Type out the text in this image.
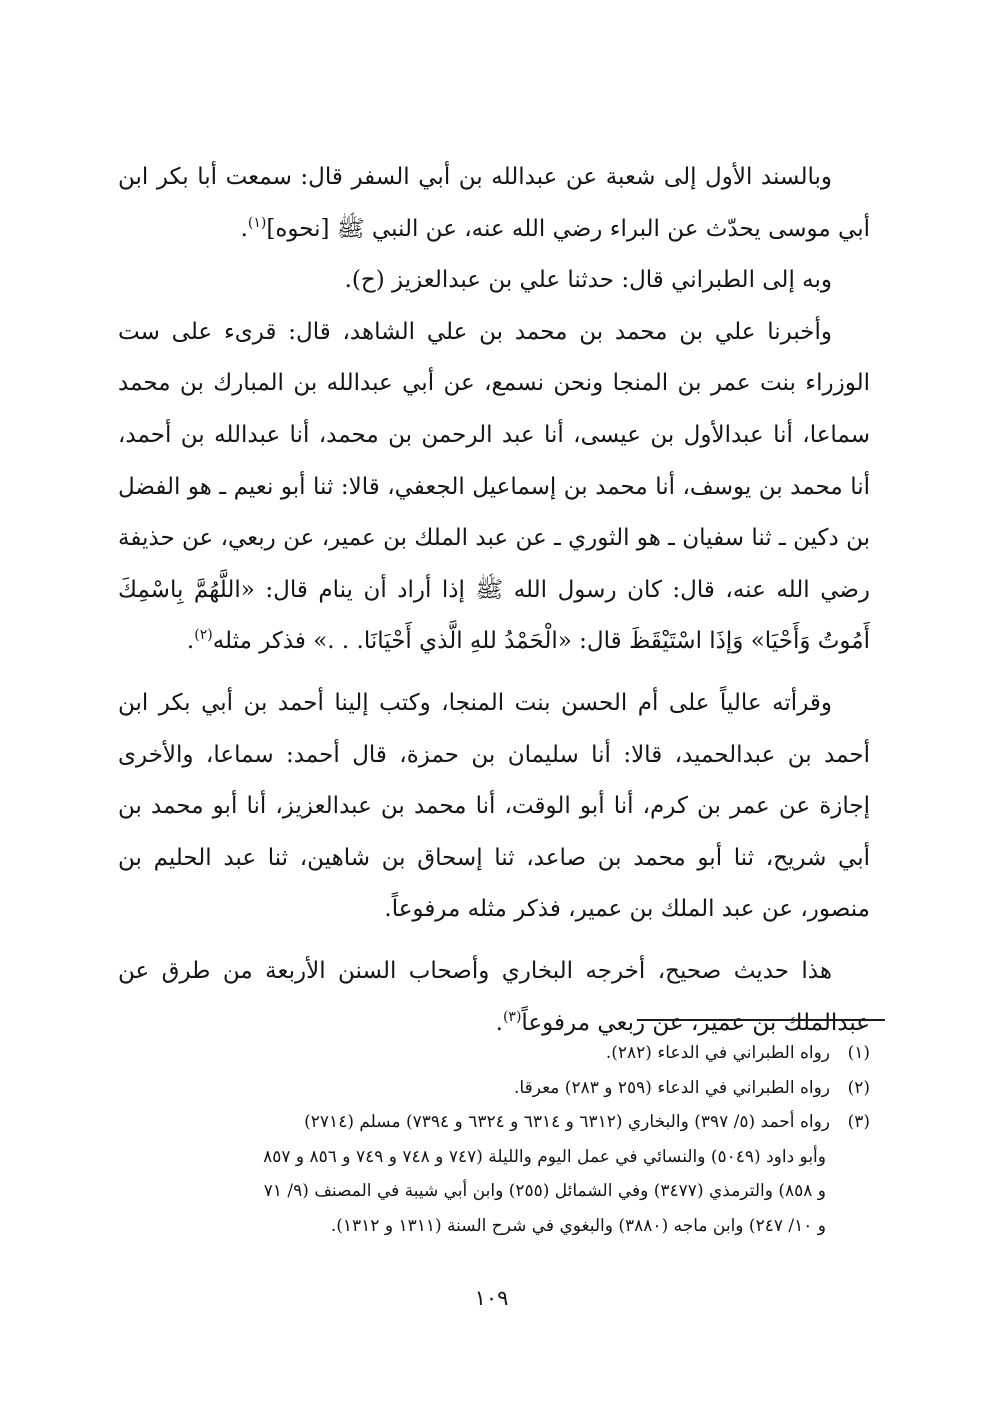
وبالسند الأول إلى شعبة عن عبدالله بن أبي السفر قال: سمعت أبا بكر ابن أبي موسى يحدّث عن البراء رضي الله عنه، عن النبي ﷺ [نحوه]$^{(١)}$.

وبه إلى الطبراني قال: حدثنا علي بن عبدالعزيز (ح).

وأخبرنا علي بن محمد بن محمد بن علي الشاهد، قال: قرىء على ست الوزراء بنت عمر بن المنجا ونحن نسمع، عن أبي عبدالله بن المبارك بن محمد سماعا، أنا عبدالأول بن عيسى، أنا عبد الرحمن بن محمد، أنا عبدالله بن أحمد، أنا محمد بن يوسف، أنا محمد بن إسماعيل الجعفي، قالا: ثنا أبو نعيم ـ هو الفضل بن دكين ـ ثنا سفيان ـ هو الثوري ـ عن عبد الملك بن عمير، عن ربعي، عن حذيفة رضي الله عنه، قال: كان رسول الله ﷺ إذا أراد أن ينام قال: «اللَّهُمَّ بِاسْمِكَ أَمُوتُ وَأَحْيَا» وَإذَا اسْتَيْقَظَ قال: «الْحَمْدُ للهِ الَّذي أَحْيَانَا. . .» فذكر مثله$^{(٢)}$.

وقرأته عالياً على أم الحسن بنت المنجا، وكتب إلينا أحمد بن أبي بكر ابن أحمد بن عبدالحميد، قالا: أنا سليمان بن حمزة، قال أحمد: سماعا، والأخرى إجازة عن عمر بن كرم، أنا أبو الوقت، أنا محمد بن عبدالعزيز، أنا أبو محمد بن أبي شريح، ثنا أبو محمد بن صاعد، ثنا إسحاق بن شاهين، ثنا عبد الحليم بن منصور، عن عبد الملك بن عمير، فذكر مثله مرفوعاً.

هذا حديث صحيح، أخرجه البخاري وأصحاب السنن الأربعة من طرق عن عبدالملك بن عمير، عن ربعي مرفوعاً$^{(٣)}$.

(١)رواه الطبراني في الدعاء (٢٨٢).

(٢)رواه الطبراني في الدعاء (٢٥٩ و ٢٨٣) معرقا.

(٣)رواه أحمد (٥/ ٣٩٧) والبخاري (٦٣١٢ و ٦٣١٤ و ٦٣٢٤ و ٧٣٩٤) مسلم (٢٧١٤)

وأبو داود (٥٠٤٩) والنسائي في عمل اليوم والليلة (٧٤٧ و ٧٤٨ و ٧٤٩ و ٨٥٦ و ٨٥٧

و ٨٥٨) والترمذي (٣٤٧٧) وفي الشمائل (٢٥٥) وابن أبي شيبة في المصنف (٩/ ٧١

و ١٠/ ٢٤٧) وابن ماجه (٣٨٨٠) والبغوي في شرح السنة (١٣١١ و ١٣١٢).

١٠٩
